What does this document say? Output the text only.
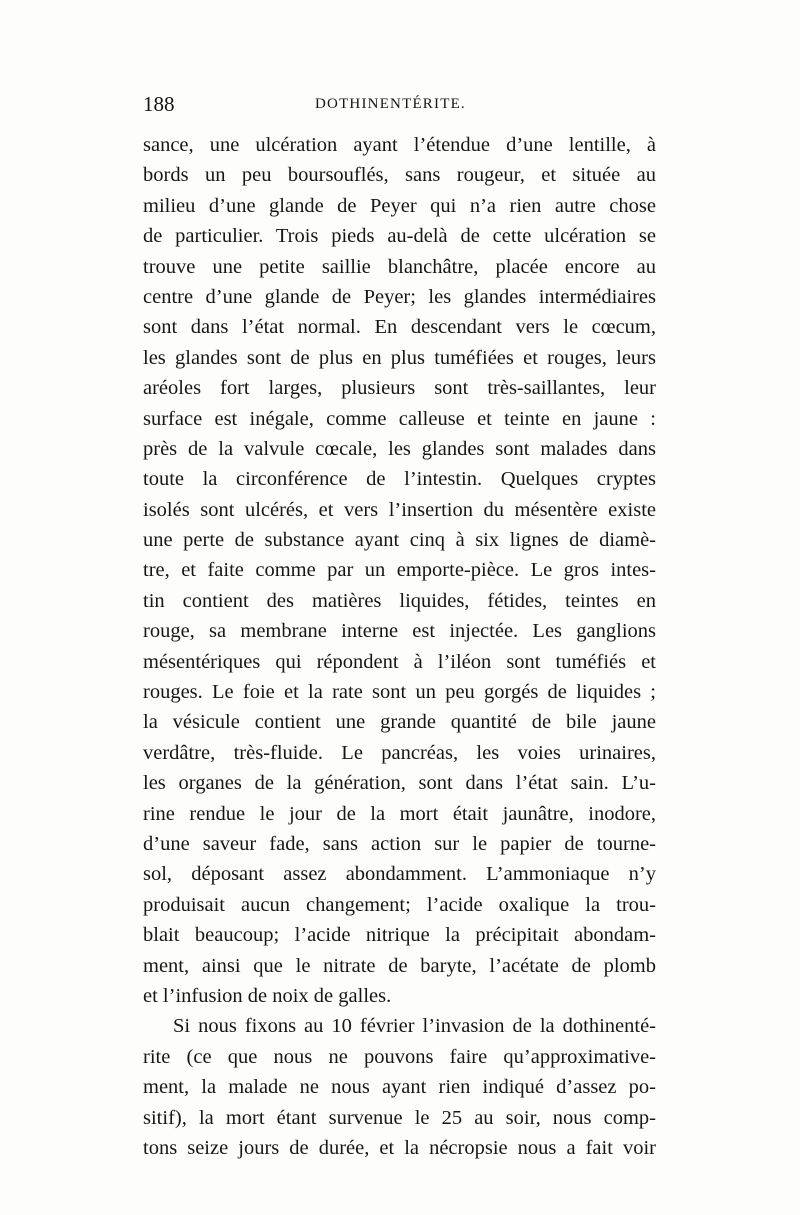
188	DOTHINENTÉRITE.
sance, une ulcération ayant l’étendue d’une lentille, à
bords un peu boursouflés, sans rougeur, et située au
milieu d’une glande de Peyer qui n’a rien autre chose
de particulier. Trois pieds au-delà de cette ulcération se
trouve une petite saillie blanchâtre, placée encore au
centre d’une glande de Peyer; les glandes intermédiaires
sont dans l’état normal. En descendant vers le cœcum,
les glandes sont de plus en plus tuméfiées et rouges, leurs
aréoles fort larges, plusieurs sont très-saillantes, leur
surface est inégale, comme calleuse et teinte en jaune :
près de la valvule cœcale, les glandes sont malades dans
toute la circonférence de l’intestin. Quelques cryptes
isolés sont ulcérés, et vers l’insertion du mésentère existe
une perte de substance ayant cinq à six lignes de diamè-
tre, et faite comme par un emporte-pièce. Le gros intes-
tin contient des matières liquides, fétides, teintes en
rouge, sa membrane interne est injectée. Les ganglions
mésentériques qui répondent à l’iléon sont tuméfiés et
rouges. Le foie et la rate sont un peu gorgés de liquides ;
la vésicule contient une grande quantité de bile jaune
verdâtre, très-fluide. Le pancréas, les voies urinaires,
les organes de la génération, sont dans l’état sain. L’u-
rine rendue le jour de la mort était jaunâtre, inodore,
d’une saveur fade, sans action sur le papier de tourne-
sol, déposant assez abondamment. L’ammoniaque n’y
produisait aucun changement; l’acide oxalique la trou-
blait beaucoup; l’acide nitrique la précipitait abondam-
ment, ainsi que le nitrate de baryte, l’acétate de plomb
et l’infusion de noix de galles.
Si nous fixons au 10 février l’invasion de la dothinenté-
rite (ce que nous ne pouvons faire qu’approximative-
ment, la malade ne nous ayant rien indiqué d’assez po-
sitif), la mort étant survenue le 25 au soir, nous comp-
tons seize jours de durée, et la nécropsie nous a fait voir
